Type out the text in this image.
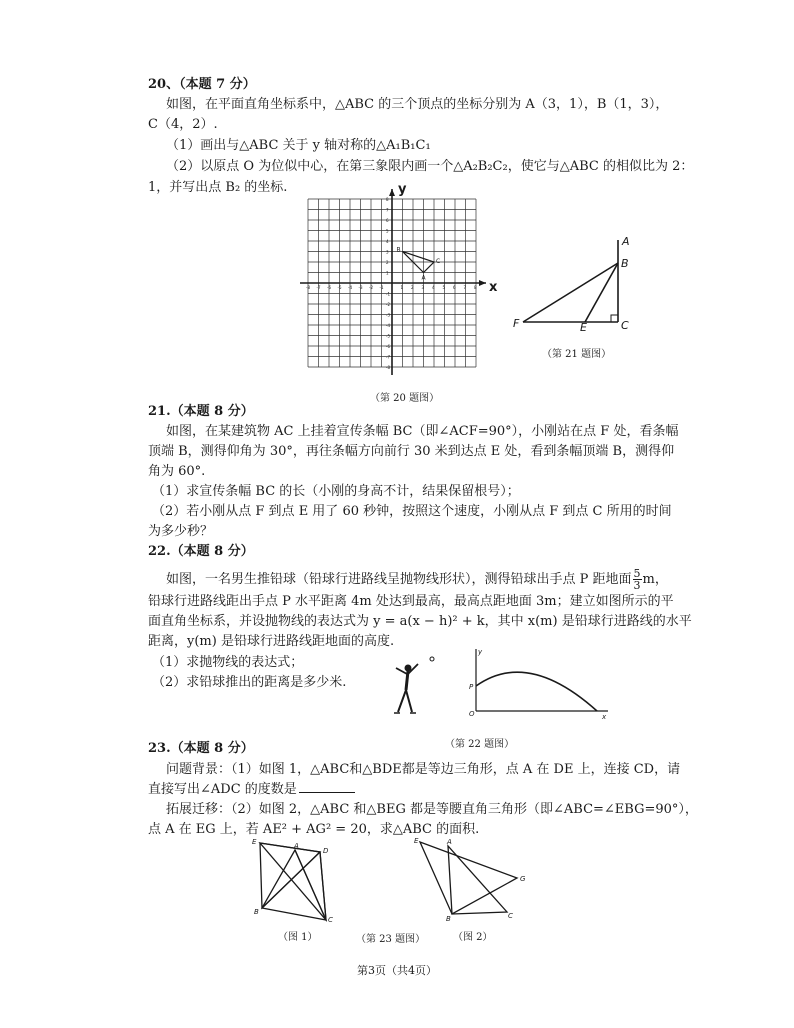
20、（本题 7 分）
如图，在平面直角坐标系中，△ABC 的三个顶点的坐标分别为 A（3，1），B（1，3），
C（4，2）.
（1）画出与△ABC 关于 y 轴对称的△A₁B₁C₁
（2）以原点 O 为位似中心，在第三象限内画一个△A₂B₂C₂，使它与△ABC 的相似比为 2：
1，并写出点 B₂ 的坐标.
x
y
-8
-8
-7
-7
-6
-6
-5
-5
-4
-4
-3
-3
-2
-2
-1
-1
1
1
2
2
3
3
4
4
5
5
6
6
7
7
8
8
B
A
C
（第 20 题图）
A
B
C
E
F
（第 21 题图）
21.（本题 8 分）
如图，在某建筑物 AC 上挂着宣传条幅 BC（即∠ACF=90°），小刚站在点 F 处，看条幅
顶端 B，测得仰角为 30°，再往条幅方向前行 30 米到达点 E 处，看到条幅顶端 B，测得仰
角为 60°.
（1）求宣传条幅 BC 的长（小刚的身高不计，结果保留根号）；
（2）若小刚从点 F 到点 E 用了 60 秒钟，按照这个速度，小刚从点 F 到点 C 所用的时间
为多少秒？
22.（本题 8 分）
如图，一名男生推铅球（铅球行进路线呈抛物线形状），测得铅球出手点 P 距地面 $\frac{5}{3}$ m，
铅球行进路线距出手点 P 水平距离 4m 处达到最高，最高点距地面 3m；建立如图所示的平
面直角坐标系，并设抛物线的表达式为 y = a(x − h)² + k，其中 x(m) 是铅球行进路线的水平
距离，y(m) 是铅球行进路线距地面的高度.
（1）求抛物线的表达式；
（2）求铅球推出的距离是多少米.	P
O	x
y
（第 22 题图）
23.（本题 8 分）
问题背景：（1）如图 1，△ABC和△BDE都是等边三角形，点 A 在 DE 上，连接 CD，请
直接写出∠ADC 的度数是
拓展迁移：（2）如图 2，△ABC 和△BEG 都是等腰直角三角形（即∠ABC=∠EBG=90°），
点 A 在 EG 上，若 AE² + AG² = 20，求△ABC 的面积.
E	A
D
B
C
E	A
G
B	C
（图 1）	（第 23 题图）	（图 2）
第3页（共4页）
